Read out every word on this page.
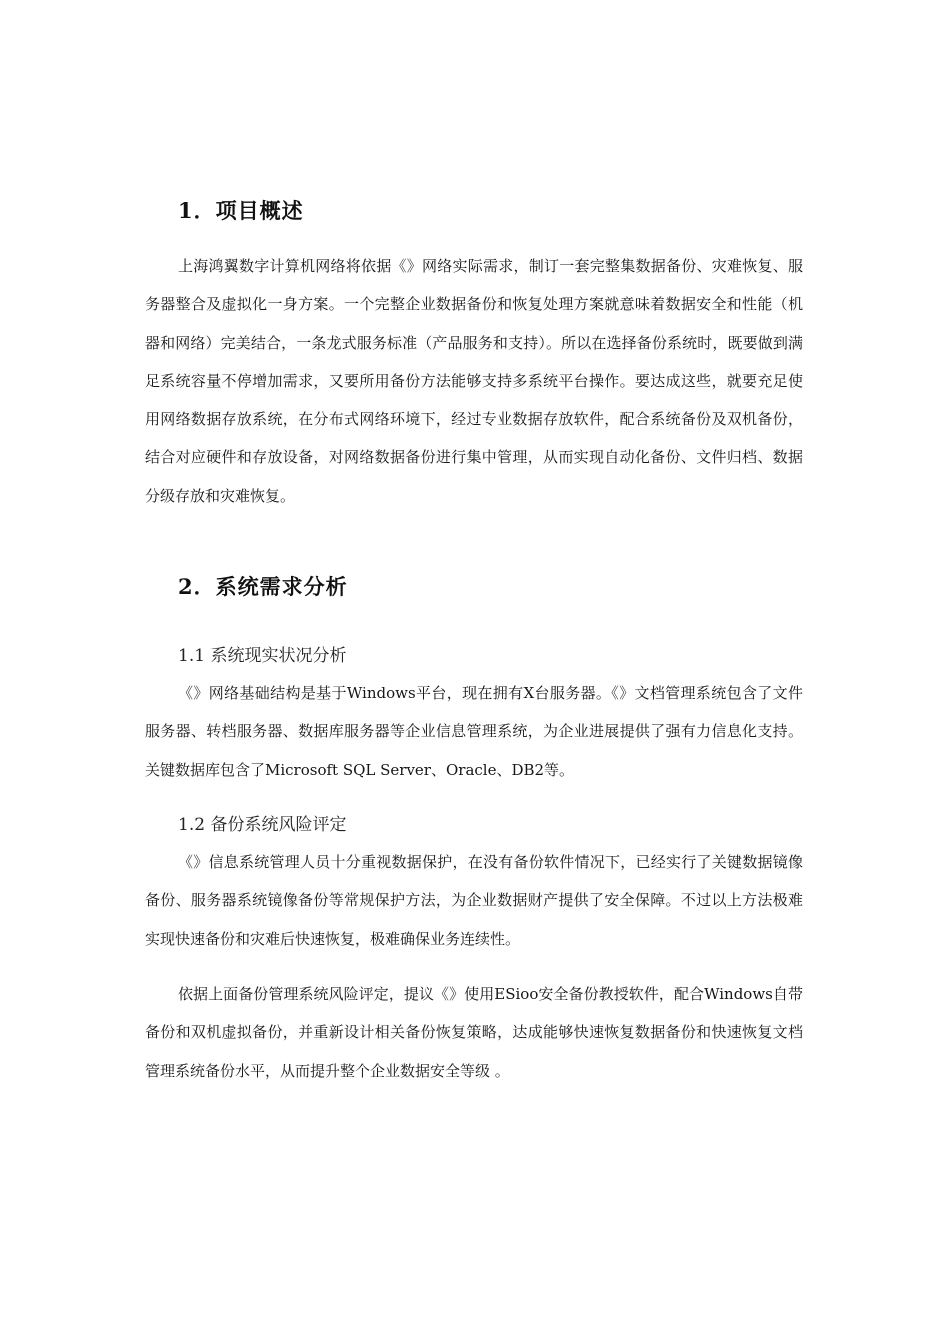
1．项目概述
上海鸿翼数字计算机网络将依据《》网络实际需求，制订一套完整集数据备份、灾难恢复、服务器整合及虚拟化一身方案。一个完整企业数据备份和恢复处理方案就意味着数据安全和性能（机器和网络）完美结合，一条龙式服务标准（产品服务和支持）。所以在选择备份系统时，既要做到满足系统容量不停增加需求，又要所用备份方法能够支持多系统平台操作。要达成这些，就要充足使用网络数据存放系统，在分布式网络环境下，经过专业数据存放软件，配合系统备份及双机备份，结合对应硬件和存放设备，对网络数据备份进行集中管理，从而实现自动化备份、文件归档、数据分级存放和灾难恢复。
2．系统需求分析
1.1 系统现实状况分析
《》网络基础结构是基于Windows平台，现在拥有X台服务器。《》文档管理系统包含了文件服务器、转档服务器、数据库服务器等企业信息管理系统，为企业进展提供了强有力信息化支持。关键数据库包含了Microsoft SQL Server、Oracle、DB2等。
1.2 备份系统风险评定
《》信息系统管理人员十分重视数据保护，在没有备份软件情况下，已经实行了关键数据镜像备份、服务器系统镜像备份等常规保护方法，为企业数据财产提供了安全保障。不过以上方法极难实现快速备份和灾难后快速恢复，极难确保业务连续性。
依据上面备份管理系统风险评定，提议《》使用ESioo安全备份教授软件，配合Windows自带备份和双机虚拟备份，并重新设计相关备份恢复策略，达成能够快速恢复数据备份和快速恢复文档管理系统备份水平，从而提升整个企业数据安全等级 。
